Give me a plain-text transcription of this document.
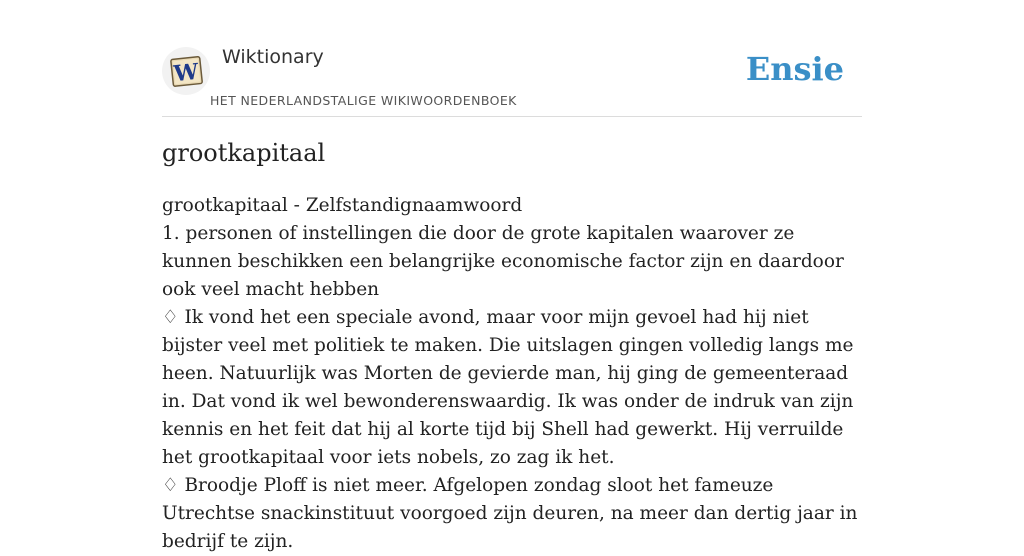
W
Wiktionary
HET NEDERLANDSTALIGE WIKIWOORDENBOEK
Ensie
grootkapitaal

grootkapitaal - Zelfstandignaamwoord

1. personen of instellingen die door de grote kapitalen waarover ze kunnen beschikken een belangrijke economische factor zijn en daardoor ook veel macht hebben

♢ Ik vond het een speciale avond, maar voor mijn gevoel had hij niet bijster veel met politiek te maken. Die uitslagen gingen volledig langs me heen. Natuurlijk was Morten de gevierde man, hij ging de gemeenteraad in. Dat vond ik wel bewonderenswaardig. Ik was onder de indruk van zijn kennis en het feit dat hij al korte tijd bij Shell had gewerkt. Hij verruilde het grootkapitaal voor iets nobels, zo zag ik het.

♢ Broodje Ploff is niet meer. Afgelopen zondag sloot het fameuze Utrechtse snackinstituut voorgoed zijn deuren, na meer dan dertig jaar in bedrijf te zijn.
